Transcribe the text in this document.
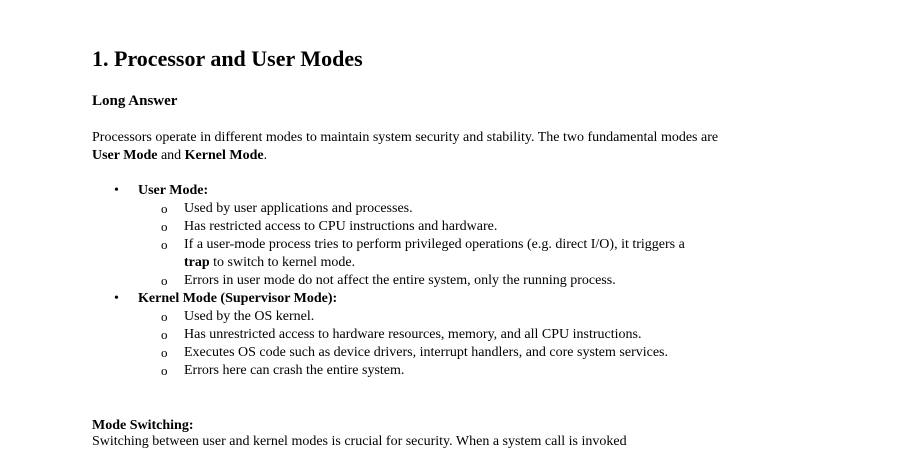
1. Processor and User Modes
Long Answer

Processors operate in different modes to maintain system security and stability. The two fundamental modes are User Mode and Kernel Mode.

• User Mode:
o Used by user applications and processes.
o Has restricted access to CPU instructions and hardware.
o If a user-mode process tries to perform privileged operations (e.g. direct I/O), it triggers a trap to switch to kernel mode.
o Errors in user mode do not affect the entire system, only the running process.
• Kernel Mode (Supervisor Mode):
o Used by the OS kernel.
o Has unrestricted access to hardware resources, memory, and all CPU instructions.
o Executes OS code such as device drivers, interrupt handlers, and core system services.
o Errors here can crash the entire system.
Mode Switching:
Switching between user and kernel modes is crucial for security. When a system call is invoked
